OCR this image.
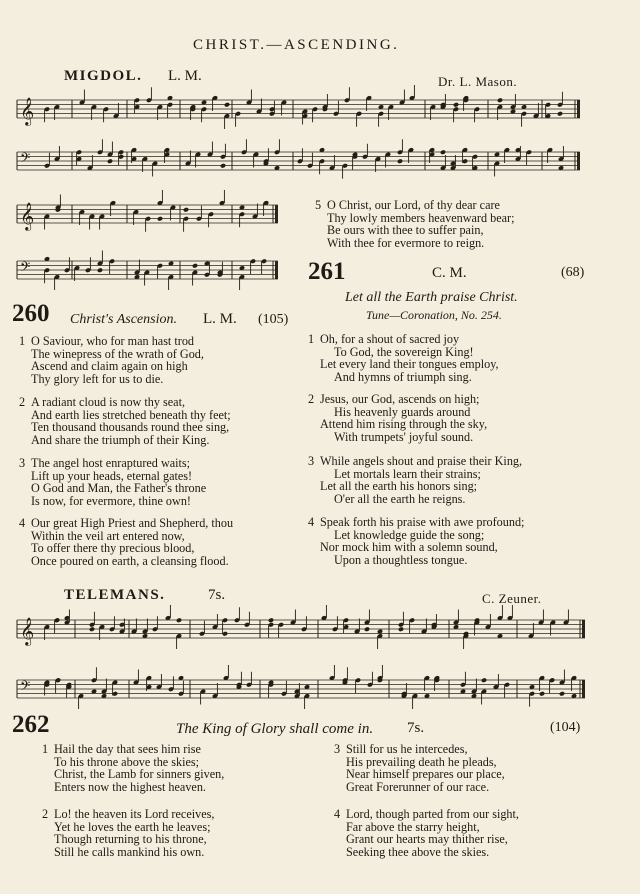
CHRIST.—ASCENDING.
MIGDOL. L. M.	Dr. L. Mason.
𝄞
𝄢
𝄞
𝄢
𝄞
𝄢
260 Christ's Ascension. L. M. (105)
1 O Saviour, who for man hast trod
The winepress of the wrath of God,
Ascend and claim again on high
Thy glory left for us to die.
2 A radiant cloud is now thy seat,
And earth lies stretched beneath thy feet;
Ten thousand thousands round thee sing,
And share the triumph of their King.
3 The angel host enraptured waits;
Lift up your heads, eternal gates!
O God and Man, the Father's throne
Is now, for evermore, thine own!
4 Our great High Priest and Shepherd, thou
Within the veil art entered now,
To offer there thy precious blood,
Once poured on earth, a cleansing flood.
5 O Christ, our Lord, of thy dear care
Thy lowly members heavenward bear;
Be ours with thee to suffer pain,
With thee for evermore to reign.
261	C. M.	(68)
Let all the Earth praise Christ.
Tune—Coronation, No. 254.
1 Oh, for a shout of sacred joy
To God, the sovereign King!
Let every land their tongues employ,
And hymns of triumph sing.
2 Jesus, our God, ascends on high;
His heavenly guards around
Attend him rising through the sky,
With trumpets' joyful sound.
3 While angels shout and praise their King,
Let mortals learn their strains;
Let all the earth his honors sing;
O'er all the earth he reigns.
4 Speak forth his praise with awe profound;
Let knowledge guide the song;
Nor mock him with a solemn sound,
Upon a thoughtless tongue.
TELEMANS.	7s.	C. Zeuner.
262	The King of Glory shall come in. 7s.	(104)
1 Hail the day that sees him rise
To his throne above the skies;
Christ, the Lamb for sinners given,
Enters now the highest heaven.
2 Lo! the heaven its Lord receives,
Yet he loves the earth he leaves;
Though returning to his throne,
Still he calls mankind his own.
3 Still for us he intercedes,
His prevailing death he pleads,
Near himself prepares our place,
Great Forerunner of our race.
4 Lord, though parted from our sight,
Far above the starry height,
Grant our hearts may thither rise,
Seeking thee above the skies.
